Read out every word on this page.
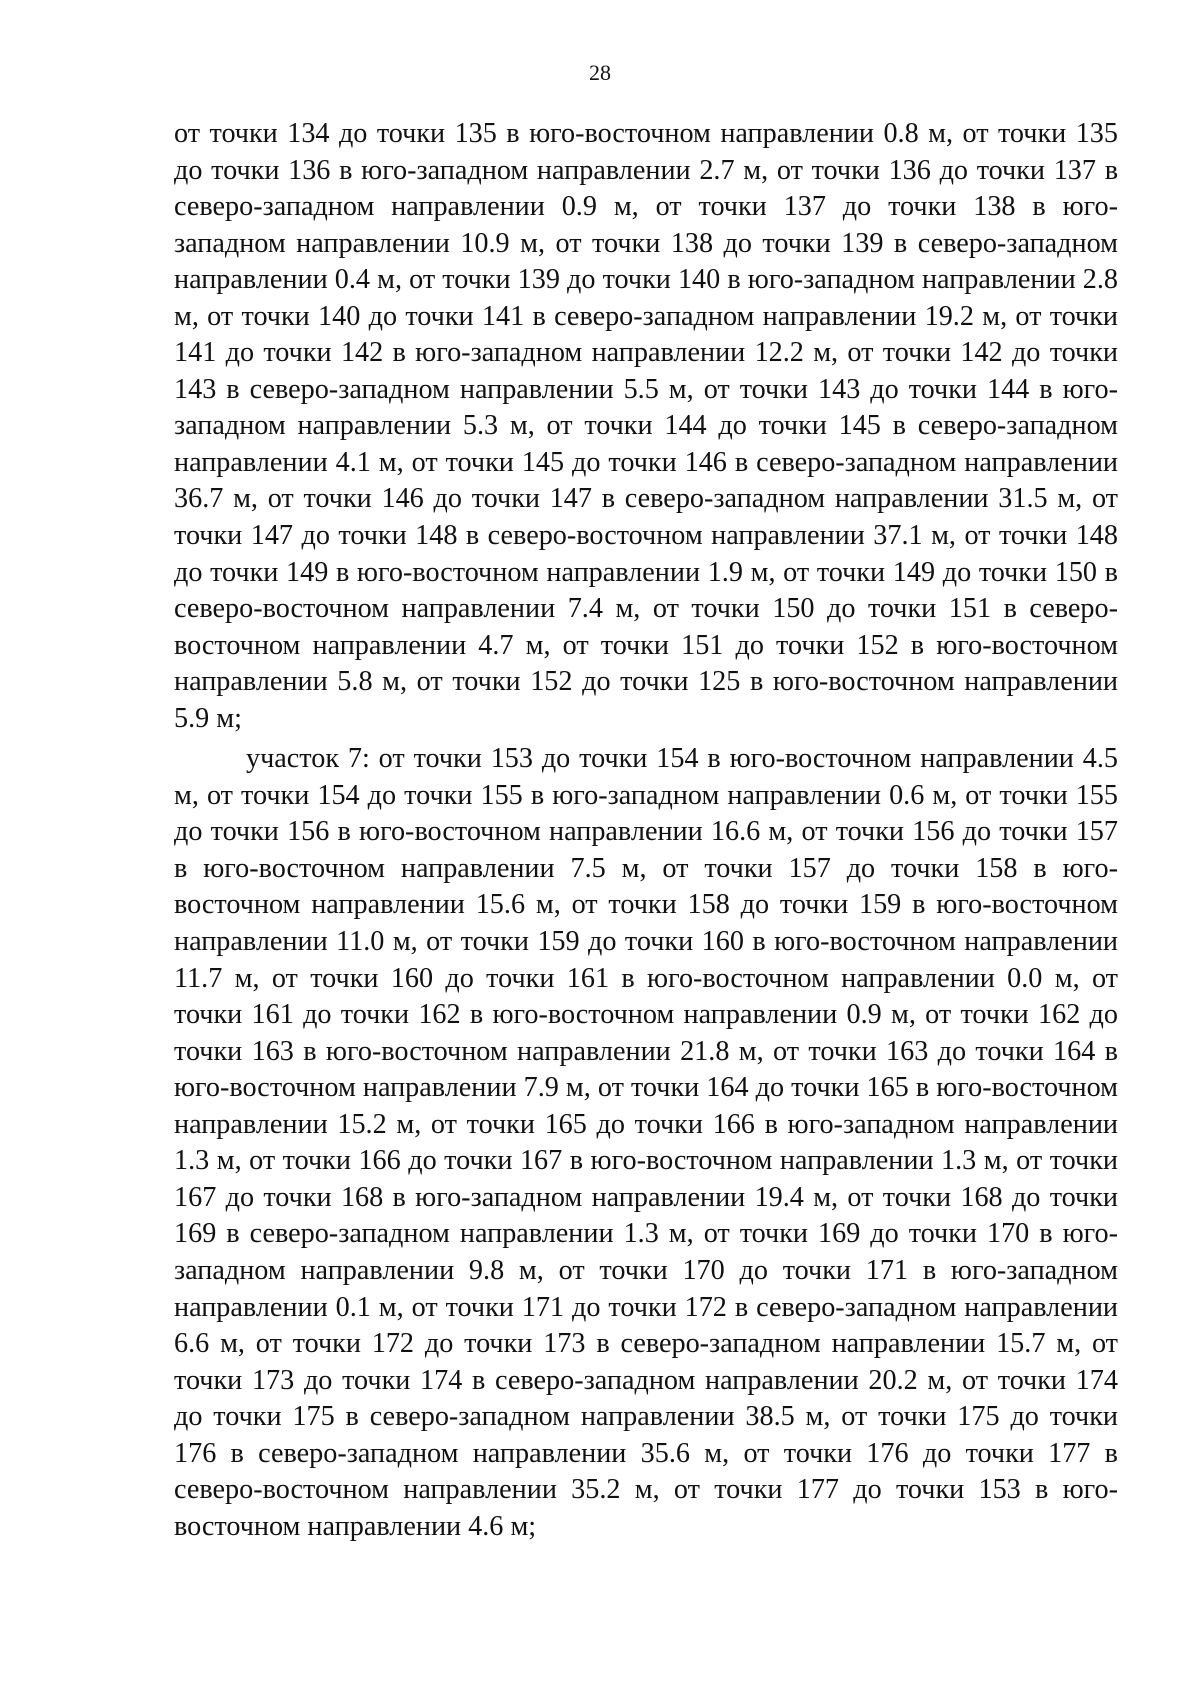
28

от точки 134 до точки 135 в юго-восточном направлении 0.8 м, от точки 135 до точки 136 в юго-западном направлении 2.7 м, от точки 136 до точки 137 в северо-западном направлении 0.9 м, от точки 137 до точки 138 в юго-западном направлении 10.9 м, от точки 138 до точки 139 в северо-западном направлении 0.4 м, от точки 139 до точки 140 в юго-западном направлении 2.8 м, от точки 140 до точки 141 в северо-западном направлении 19.2 м, от точки 141 до точки 142 в юго-западном направлении 12.2 м, от точки 142 до точки 143 в северо-западном направлении 5.5 м, от точки 143 до точки 144 в юго-западном направлении 5.3 м, от точки 144 до точки 145 в северо-западном направлении 4.1 м, от точки 145 до точки 146 в северо-западном направлении 36.7 м, от точки 146 до точки 147 в северо-западном направлении 31.5 м, от точки 147 до точки 148 в северо-восточном направлении 37.1 м, от точки 148 до точки 149 в юго-восточном направлении 1.9 м, от точки 149 до точки 150 в северо-восточном направлении 7.4 м, от точки 150 до точки 151 в северо-восточном направлении 4.7 м, от точки 151 до точки 152 в юго-восточном направлении 5.8 м, от точки 152 до точки 125 в юго-восточном направлении 5.9 м;

участок 7: от точки 153 до точки 154 в юго-восточном направлении 4.5 м, от точки 154 до точки 155 в юго-западном направлении 0.6 м, от точки 155 до точки 156 в юго-восточном направлении 16.6 м, от точки 156 до точки 157 в юго-восточном направлении 7.5 м, от точки 157 до точки 158 в юго-восточном направлении 15.6 м, от точки 158 до точки 159 в юго-восточном направлении 11.0 м, от точки 159 до точки 160 в юго-восточном направлении 11.7 м, от точки 160 до точки 161 в юго-восточном направлении 0.0 м, от точки 161 до точки 162 в юго-восточном направлении 0.9 м, от точки 162 до точки 163 в юго-восточном направлении 21.8 м, от точки 163 до точки 164 в юго-восточном направлении 7.9 м, от точки 164 до точки 165 в юго-восточном направлении 15.2 м, от точки 165 до точки 166 в юго-западном направлении 1.3 м, от точки 166 до точки 167 в юго-восточном направлении 1.3 м, от точки 167 до точки 168 в юго-западном направлении 19.4 м, от точки 168 до точки 169 в северо-западном направлении 1.3 м, от точки 169 до точки 170 в юго-западном направлении 9.8 м, от точки 170 до точки 171 в юго-западном направлении 0.1 м, от точки 171 до точки 172 в северо-западном направлении 6.6 м, от точки 172 до точки 173 в северо-западном направлении 15.7 м, от точки 173 до точки 174 в северо-западном направлении 20.2 м, от точки 174 до точки 175 в северо-западном направлении 38.5 м, от точки 175 до точки 176 в северо-западном направлении 35.6 м, от точки 176 до точки 177 в северо-восточном направлении 35.2 м, от точки 177 до точки 153 в юго-восточном направлении 4.6 м;
